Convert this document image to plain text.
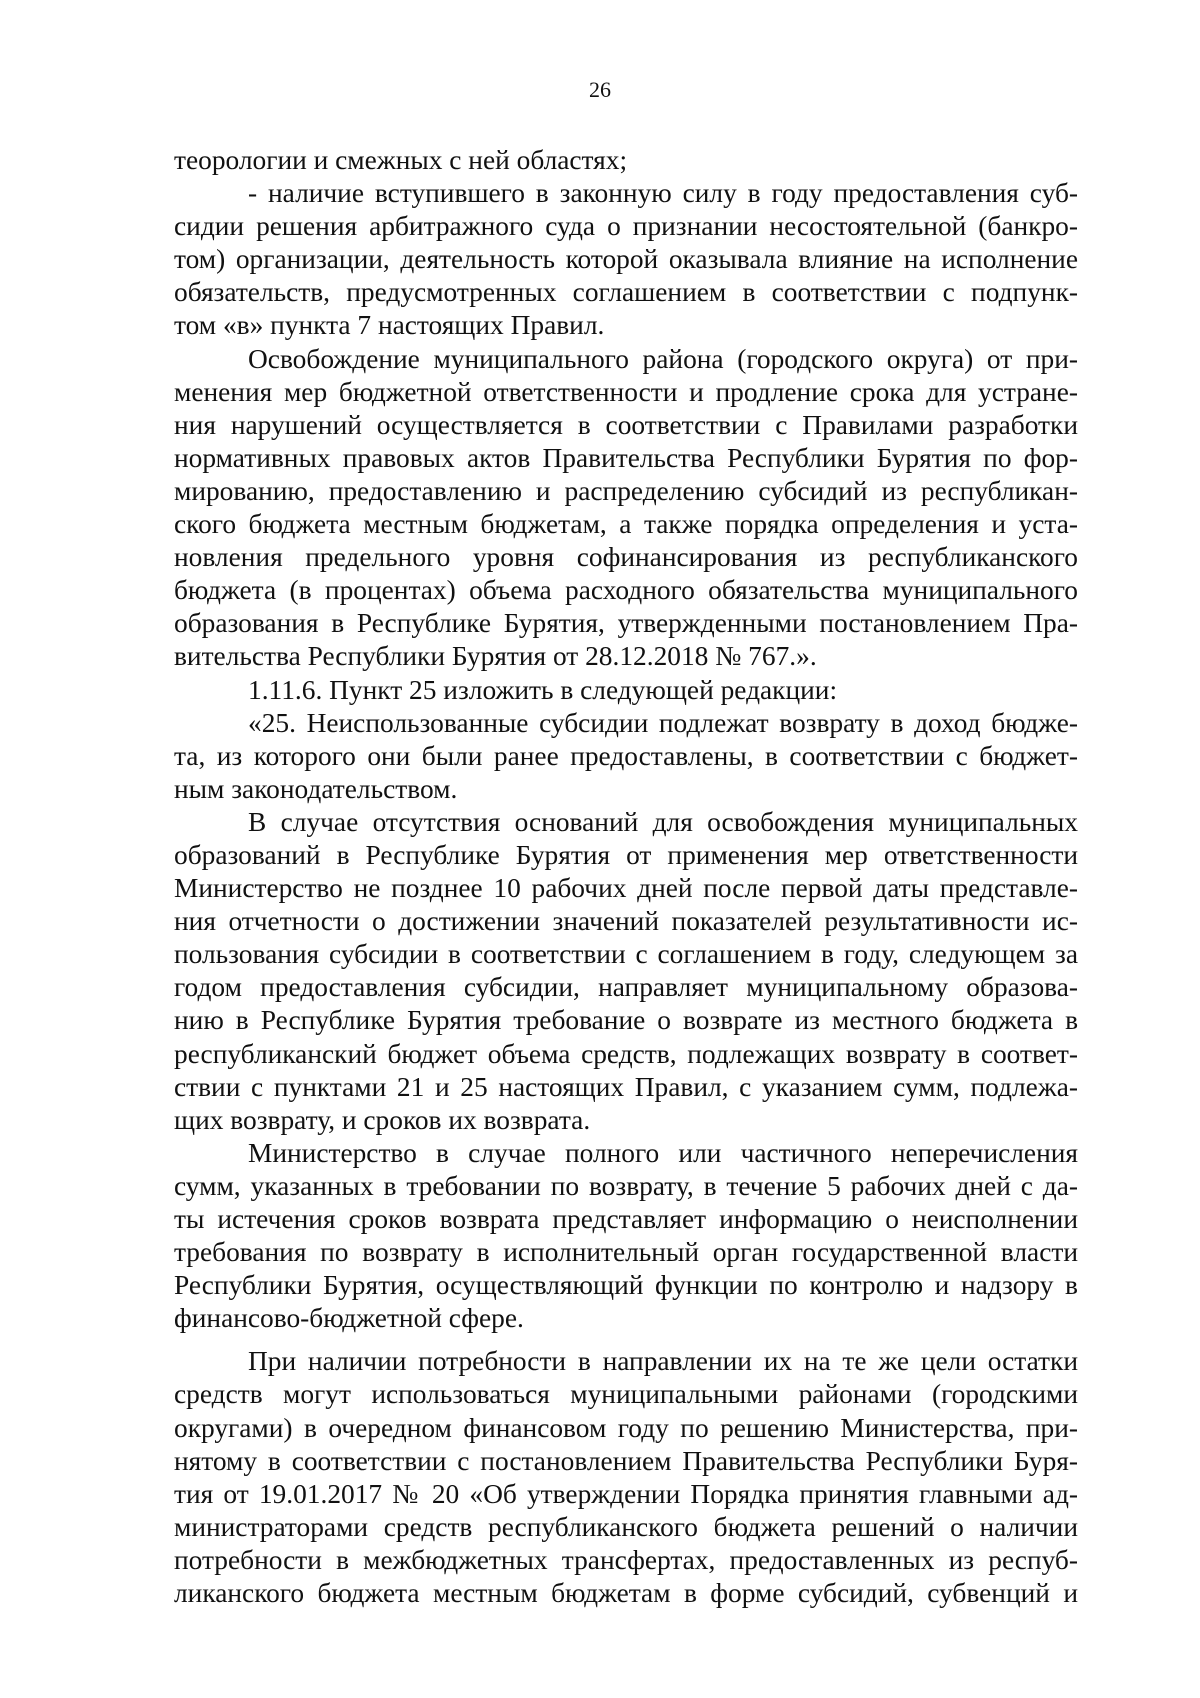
26
теорологии и смежных с ней областях;
- наличие вступившего в законную силу в году предоставления суб-
сидии решения арбитражного суда о признании несостоятельной (банкро-
том) организации, деятельность которой оказывала влияние на исполнение
обязательств, предусмотренных соглашением в соответствии с подпунк-
том «в» пункта 7 настоящих Правил.
Освобождение муниципального района (городского округа) от при-
менения мер бюджетной ответственности и продление срока для устране-
ния нарушений осуществляется в соответствии с Правилами разработки
нормативных правовых актов Правительства Республики Бурятия по фор-
мированию, предоставлению и распределению субсидий из республикан-
ского бюджета местным бюджетам, а также порядка определения и уста-
новления предельного уровня софинансирования из республиканского
бюджета (в процентах) объема расходного обязательства муниципального
образования в Республике Бурятия, утвержденными постановлением Пра-
вительства Республики Бурятия от 28.12.2018 № 767.».
1.11.6. Пункт 25 изложить в следующей редакции:
«25. Неиспользованные субсидии подлежат возврату в доход бюдже-
та, из которого они были ранее предоставлены, в соответствии с бюджет-
ным законодательством.
В случае отсутствия оснований для освобождения муниципальных
образований в Республике Бурятия от применения мер ответственности
Министерство не позднее 10 рабочих дней после первой даты представле-
ния отчетности о достижении значений показателей результативности ис-
пользования субсидии в соответствии с соглашением в году, следующем за
годом предоставления субсидии, направляет муниципальному образова-
нию в Республике Бурятия требование о возврате из местного бюджета в
республиканский бюджет объема средств, подлежащих возврату в соответ-
ствии с пунктами 21 и 25 настоящих Правил, с указанием сумм, подлежа-
щих возврату, и сроков их возврата.
Министерство в случае полного или частичного неперечисления
сумм, указанных в требовании по возврату, в течение 5 рабочих дней с да-
ты истечения сроков возврата представляет информацию о неисполнении
требования по возврату в исполнительный орган государственной власти
Республики Бурятия, осуществляющий функции по контролю и надзору в
финансово-бюджетной сфере.
При наличии потребности в направлении их на те же цели остатки
средств могут использоваться муниципальными районами (городскими
округами) в очередном финансовом году по решению Министерства, при-
нятому в соответствии с постановлением Правительства Республики Буря-
тия от 19.01.2017 № 20 «Об утверждении Порядка принятия главными ад-
министраторами средств республиканского бюджета решений о наличии
потребности в межбюджетных трансфертах, предоставленных из респуб-
ликанского бюджета местным бюджетам в форме субсидий, субвенций и
